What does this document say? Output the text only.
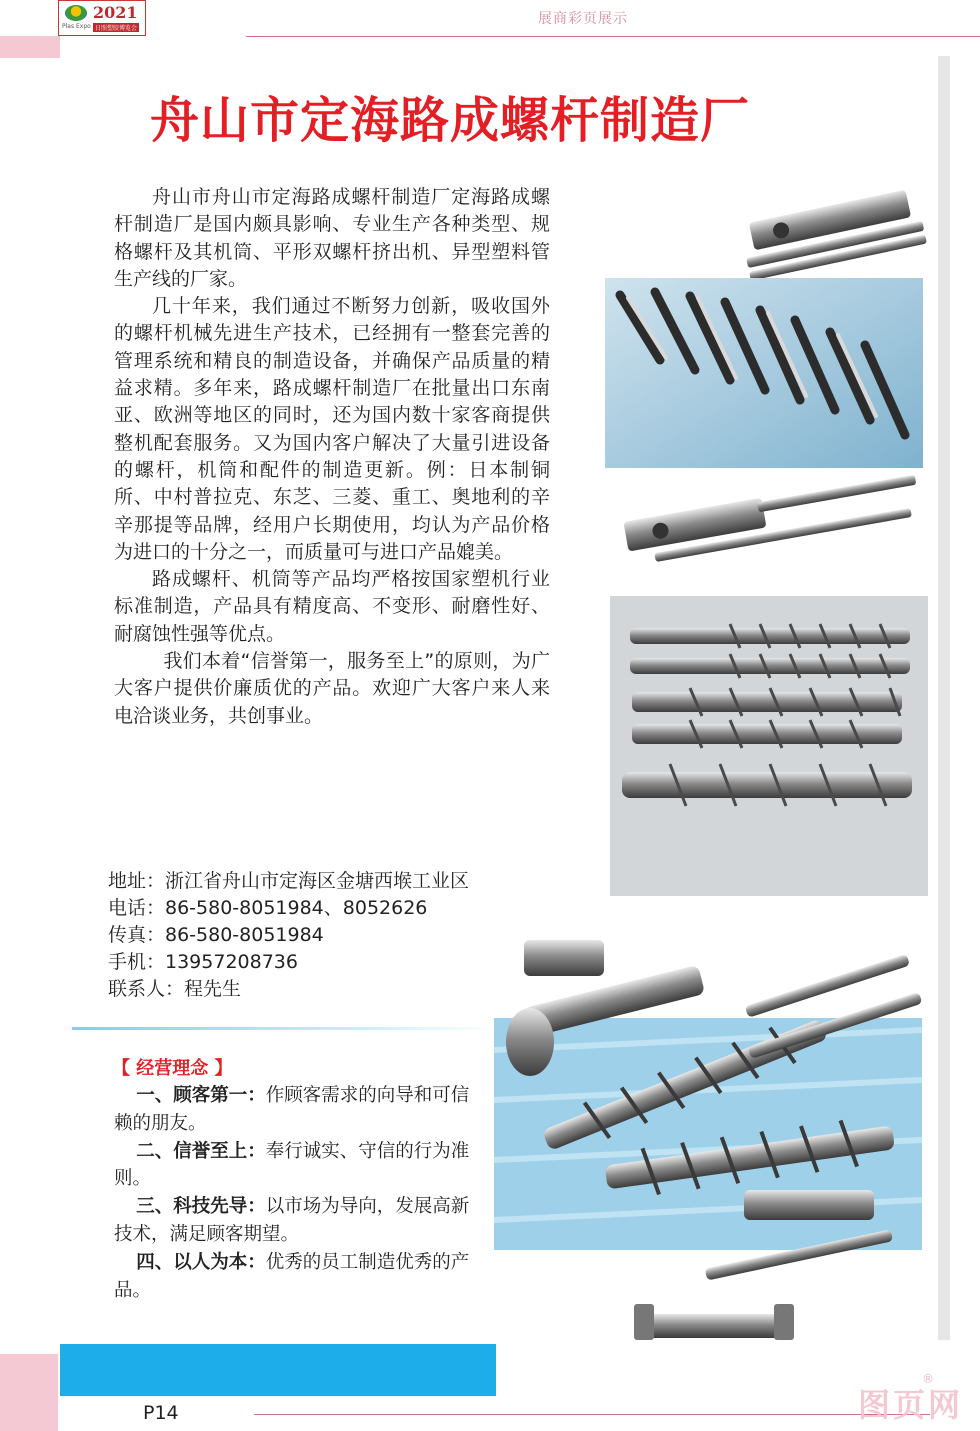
Plas Expo
2021
日照塑胶博览会
展商彩页展示
舟山市定海路成螺杆制造厂

舟山市舟山市定海路成螺杆制造厂定海路成螺杆制造厂是国内颇具影响、专业生产各种类型、规格螺杆及其机筒、平形双螺杆挤出机、异型塑料管生产线的厂家。

几十年来，我们通过不断努力创新，吸收国外的螺杆机械先进生产技术，已经拥有一整套完善的管理系统和精良的制造设备，并确保产品质量的精益求精。多年来，路成螺杆制造厂在批量出口东南亚、欧洲等地区的同时，还为国内数十家客商提供整机配套服务。又为国内客户解决了大量引进设备的螺杆，机筒和配件的制造更新。例：日本制铜所、中村普拉克、东芝、三菱、重工、奥地利的辛辛那提等品牌，经用户长期使用，均认为产品价格为进口的十分之一，而质量可与进口产品媲美。

路成螺杆、机筒等产品均严格按国家塑机行业标准制造，产品具有精度高、不变形、耐磨性好、耐腐蚀性强等优点。

我们本着“信誉第一，服务至上”的原则，为广大客户提供价廉质优的产品。欢迎广大客户来人来电洽谈业务，共创事业。

地址：浙江省舟山市定海区金塘西堠工业区
电话：86-580-8051984、8052626
传真：86-580-8051984
手机：13957208736
联系人：程先生
【 经营理念 】

一、顾客第一：作顾客需求的向导和可信赖的朋友。

二、信誉至上：奉行诚实、守信的行为准则。

三、科技先导：以市场为导向，发展高新技术，满足顾客期望。

四、以人为本：优秀的员工制造优秀的产品。

P14	图页网
®
